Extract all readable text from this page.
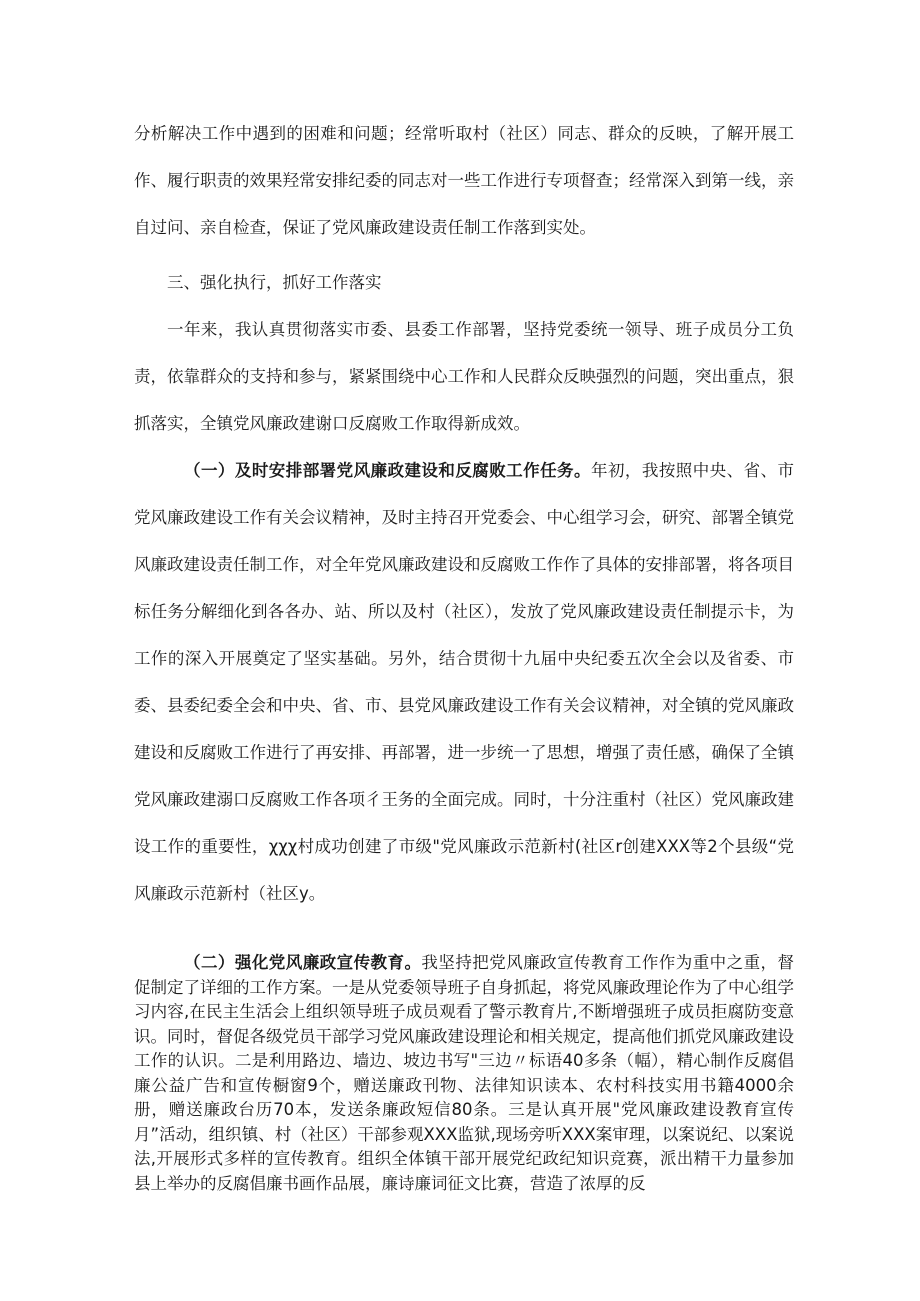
分析解决工作中遇到的困难和问题；经常听取村（社区）同志、群众的反映，了解开展工作、履行职责的效果羟常安排纪委的同志对一些工作进行专项督查；经常深入到第一线，亲自过问、亲自检查，保证了党风廉政建设责任制工作落到实处。

三、强化执行，抓好工作落实

一年来，我认真贯彻落实市委、县委工作部署，坚持党委统一领导、班子成员分工负责，依靠群众的支持和参与，紧紧围绕中心工作和人民群众反映强烈的问题，突出重点，狠抓落实，全镇党风廉政建谢口反腐败工作取得新成效。

（一）及时安排部署党风廉政建设和反腐败工作任务。年初，我按照中央、省、市党风廉政建设工作有关会议精神，及时主持召开党委会、中心组学习会，研究、部署全镇党风廉政建设责任制工作，对全年党风廉政建设和反腐败工作作了具体的安排部署，将各项目标任务分解细化到各各办、站、所以及村（社区），发放了党风廉政建设责任制提示卡，为工作的深入开展奠定了坚实基础。另外，结合贯彻十九届中央纪委五次全会以及省委、市委、县委纪委全会和中央、省、市、县党风廉政建设工作有关会议精神，对全镇的党风廉政建设和反腐败工作进行了再安排、再部署，进一步统一了思想，增强了责任感，确保了全镇党风廉政建溺口反腐败工作各项彳王务的全面完成。同时，十分注重村（社区）党风廉政建设工作的重要性，χχχ村成功创建了市级"党风廉政示范新村(社区r创建XXX等2个县级“党风廉政示范新村（社区y。

（二）强化党风廉政宣传教育。我坚持把党风廉政宣传教育工作作为重中之重，督促制定了详细的工作方案。一是从党委领导班子自身抓起，将党风廉政理论作为了中心组学习内容,在民主生活会上组织领导班子成员观看了警示教育片,不断增强班子成员拒腐防变意识。同时，督促各级党员干部学习党风廉政建设理论和相关规定，提高他们抓党风廉政建设工作的认识。二是利用路边、墙边、坡边书写"三边〃标语40多条（幅），精心制作反腐倡廉公益广告和宣传橱窗9个，赠送廉政刊物、法律知识读本、农村科技实用书籍4000余册，赠送廉政台历70本，发送条廉政短信80条。三是认真开展"党风廉政建设教育宣传月”活动，组织镇、村（社区）干部参观XXX监狱,现场旁听XXX案审理，以案说纪、以案说法,开展形式多样的宣传教育。组织全体镇干部开展党纪政纪知识竞赛，派出精干力量参加县上举办的反腐倡廉书画作品展，廉诗廉词征文比赛，营造了浓厚的反
